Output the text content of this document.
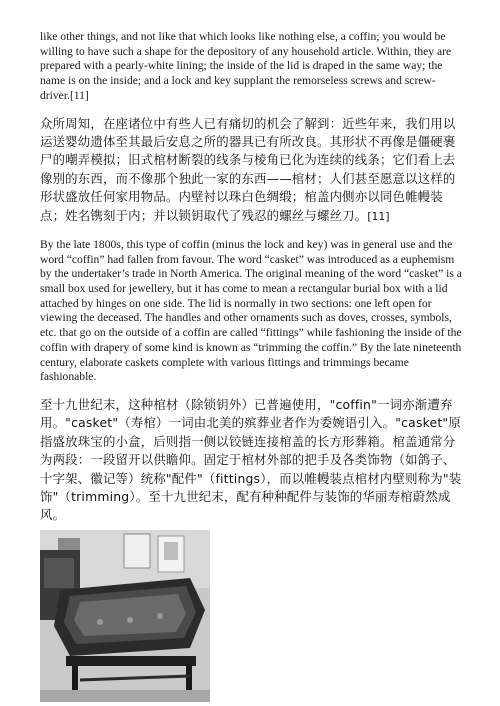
like other things, and not like that which looks like nothing else, a coffin; you would be willing to have such a shape for the depository of any household article. Within, they are prepared with a pearly-white lining; the inside of the lid is draped in the same way; the name is on the inside; and a lock and key supplant the remorseless screws and screw-driver.[11]

众所周知，在座诸位中有些人已有痛切的机会了解到：近些年来，我们用以运送婴幼遗体至其最后安息之所的器具已有所改良。其形状不再像是僵硬裹尸的嘲弄模拟；旧式棺材断裂的线条与棱角已化为连续的线条；它们看上去像别的东西，而不像那个独此一家的东西——棺材；人们甚至愿意以这样的形状盛放任何家用物品。内壁衬以珠白色绸缎；棺盖内侧亦以同色帷幔装点；姓名镌刻于内；并以锁钥取代了残忍的螺丝与螺丝刀。[11]

By the late 1800s, this type of coffin (minus the lock and key) was in general use and the word “coffin” had fallen from favour. The word “casket” was introduced as a euphemism by the undertaker’s trade in North America. The original meaning of the word “casket” is a small box used for jewellery, but it has come to mean a rectangular burial box with a lid attached by hinges on one side. The lid is normally in two sections: one left open for viewing the deceased. The handles and other ornaments such as doves, crosses, symbols, etc. that go on the outside of a coffin are called “fittings” while fashioning the inside of the coffin with drapery of some kind is known as “trimming the coffin.” By the late nineteenth century, elaborate caskets complete with various fittings and trimmings became fashionable.

至十九世纪末，这种棺材（除锁钥外）已普遍使用，"coffin"一词亦渐遭弃用。"casket"（寿棺）一词由北美的殡葬业者作为委婉语引入。"casket"原指盛放珠宝的小盒，后则指一侧以铰链连接棺盖的长方形葬箱。棺盖通常分为两段：一段留开以供瞻仰。固定于棺材外部的把手及各类饰物（如鸽子、十字架、徽记等）统称"配件"（fittings），而以帷幔装点棺材内壁则称为"装饰"（trimming）。至十九世纪末，配有种种配件与装饰的华丽寿棺蔚然成风。
